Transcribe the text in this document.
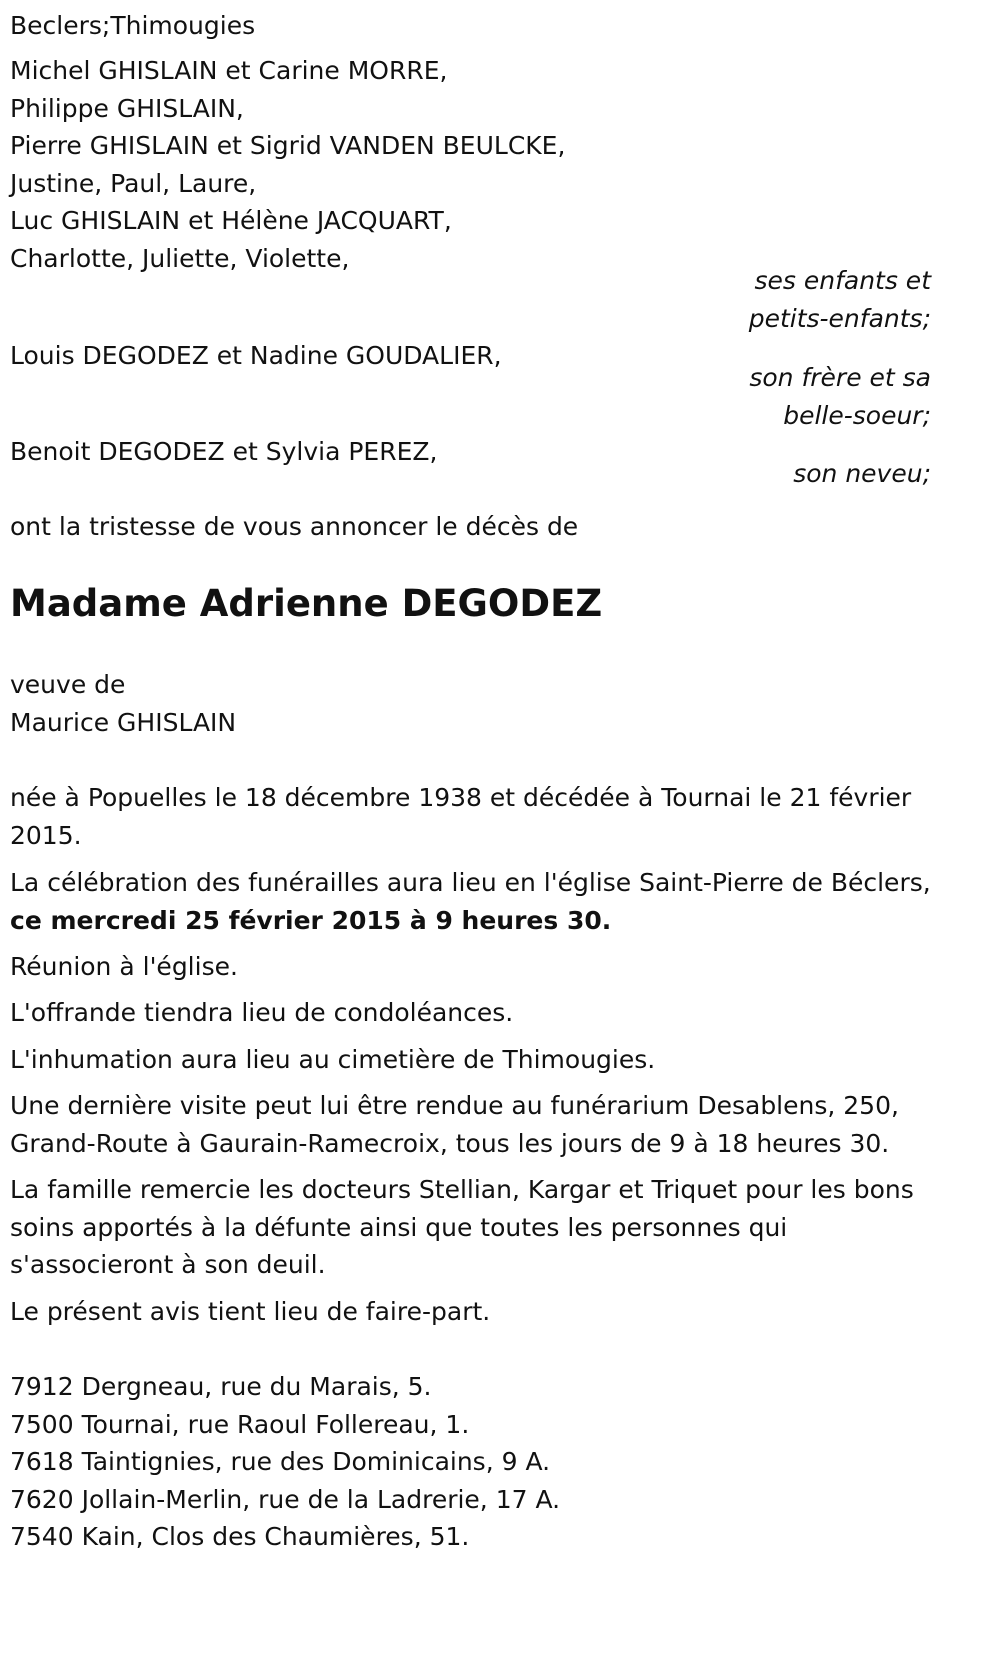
Beclers;Thimougies
Michel GHISLAIN et Carine MORRE,
Philippe GHISLAIN,
Pierre GHISLAIN et Sigrid VANDEN BEULCKE,
Justine, Paul, Laure,
Luc GHISLAIN et Hélène JACQUART,
Charlotte, Juliette, Violette,
ses enfants et
petits-enfants;
Louis DEGODEZ et Nadine GOUDALIER,
son frère et sa
belle-soeur;
Benoit DEGODEZ et Sylvia PEREZ,
son neveu;
ont la tristesse de vous annoncer le décès de
Madame Adrienne DEGODEZ
veuve de
Maurice GHISLAIN
née à Popuelles le 18 décembre 1938 et décédée à Tournai le 21 février 2015.
La célébration des funérailles aura lieu en l'église Saint-Pierre de Béclers,
ce mercredi 25 février 2015 à 9 heures 30.
Réunion à l'église.
L'offrande tiendra lieu de condoléances.
L'inhumation aura lieu au cimetière de Thimougies.
Une dernière visite peut lui être rendue au funérarium Desablens, 250, Grand-Route à Gaurain-Ramecroix, tous les jours de 9 à 18 heures 30.
La famille remercie les docteurs Stellian, Kargar et Triquet pour les bons soins apportés à la défunte ainsi que toutes les personnes qui s'associeront à son deuil.
Le présent avis tient lieu de faire-part.
7912 Dergneau, rue du Marais, 5.
7500 Tournai, rue Raoul Follereau, 1.
7618 Taintignies, rue des Dominicains, 9 A.
7620 Jollain-Merlin, rue de la Ladrerie, 17 A.
7540 Kain, Clos des Chaumières, 51.
